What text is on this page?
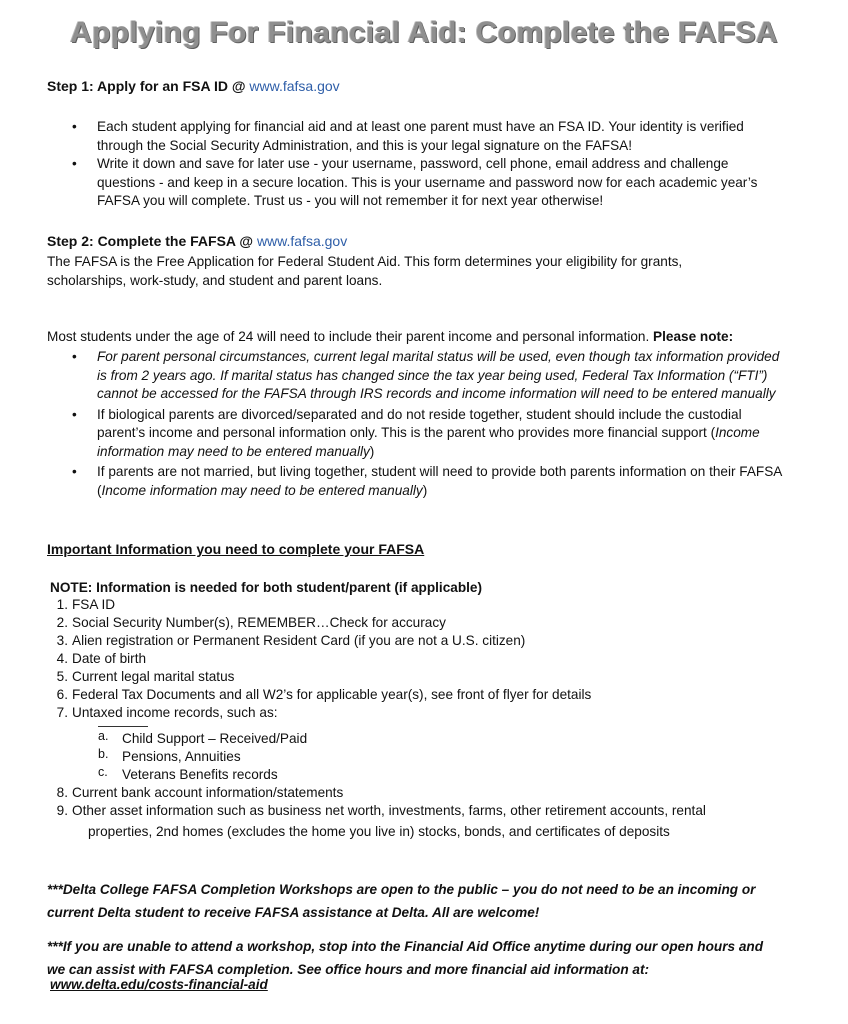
Applying For Financial Aid: Complete the FAFSA
Step 1: Apply for an FSA ID @ www.fafsa.gov
• Each student applying for financial aid and at least one parent must have an FSA ID. Your identity is verified through the Social Security Administration, and this is your legal signature on the FAFSA!
• Write it down and save for later use - your username, password, cell phone, email address and challenge questions - and keep in a secure location. This is your username and password now for each academic year’s FAFSA you will complete. Trust us - you will not remember it for next year otherwise!
Step 2: Complete the FAFSA @ www.fafsa.gov
The FAFSA is the Free Application for Federal Student Aid. This form determines your eligibility for grants, scholarships, work-study, and student and parent loans.
Most students under the age of 24 will need to include their parent income and personal information. Please note:
• For parent personal circumstances, current legal marital status will be used, even though tax information provided is from 2 years ago. If marital status has changed since the tax year being used, Federal Tax Information (“FTI”) cannot be accessed for the FAFSA through IRS records and income information will need to be entered manually
• If biological parents are divorced/separated and do not reside together, student should include the custodial parent’s income and personal information only. This is the parent who provides more financial support (Income information may need to be entered manually)
• If parents are not married, but living together, student will need to provide both parents information on their FAFSA (Income information may need to be entered manually)
Important Information you need to complete your FAFSA
NOTE: Information is needed for both student/parent (if applicable)
1. FSA ID
2. Social Security Number(s), REMEMBER…Check for accuracy
3. Alien registration or Permanent Resident Card (if you are not a U.S. citizen)
4. Date of birth
5. Current legal marital status
6. Federal Tax Documents and all W2’s for applicable year(s), see front of flyer for details
7. Untaxed income records, such as:
a. Child Support – Received/Paid
b. Pensions, Annuities
c. Veterans Benefits records
8. Current bank account information/statements
9. Other asset information such as business net worth, investments, farms, other retirement accounts, rental
properties, 2nd homes (excludes the home you live in) stocks, bonds, and certificates of deposits
***Delta College FAFSA Completion Workshops are open to the public – you do not need to be an incoming or
current Delta student to receive FAFSA assistance at Delta. All are welcome!
***If you are unable to attend a workshop, stop into the Financial Aid Office anytime during our open hours and
we can assist with FAFSA completion. See office hours and more financial aid information at:
www.delta.edu/costs-financial-aid
